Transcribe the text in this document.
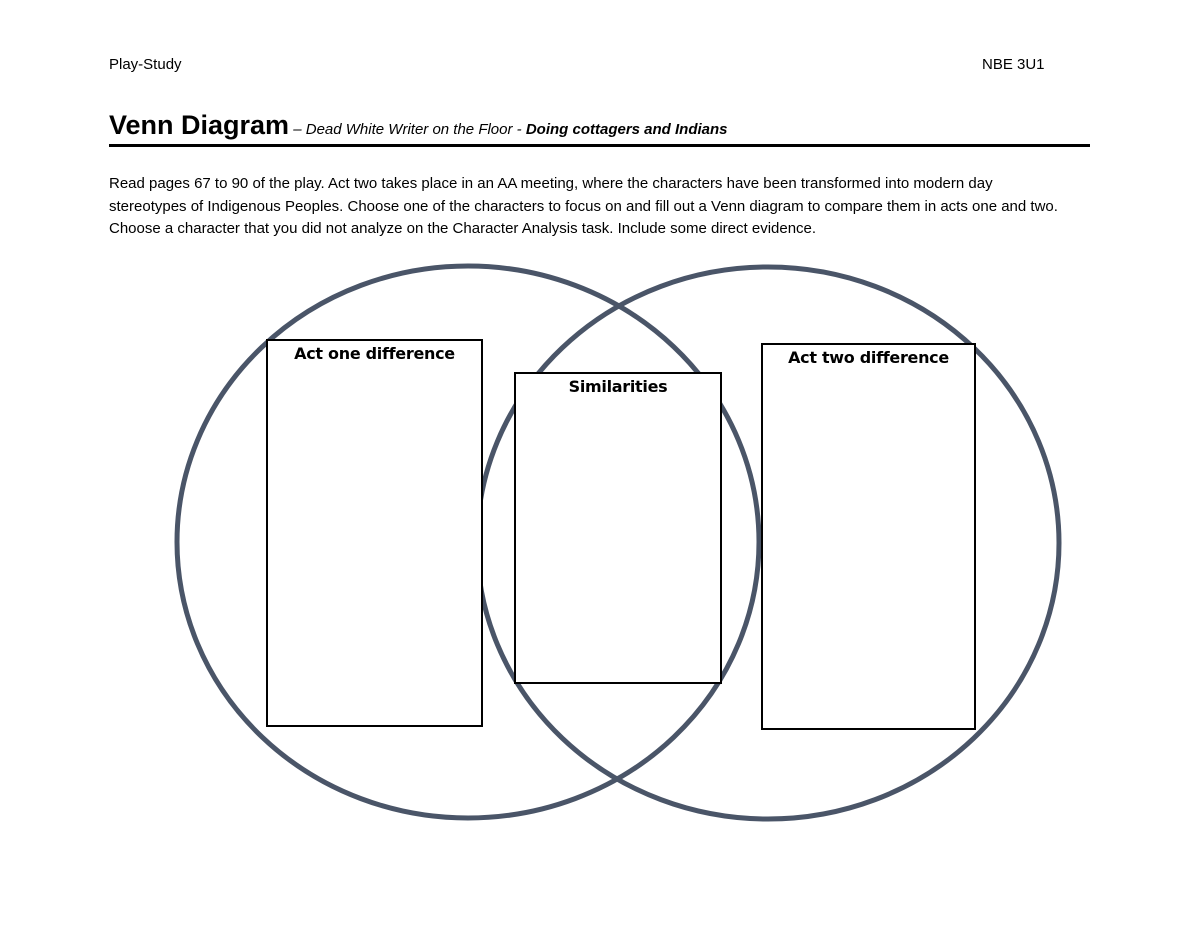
Play-Study	NBE 3U1
Venn Diagram – Dead White Writer on the Floor - Doing cottagers and Indians
Read pages 67 to 90 of the play. Act two takes place in an AA meeting, where the characters have been transformed into modern day stereotypes of Indigenous Peoples. Choose one of the characters to focus on and fill out a Venn diagram to compare them in acts one and two. Choose a character that you did not analyze on the Character Analysis task. Include some direct evidence.
Act one difference
Similarities
Act two difference
